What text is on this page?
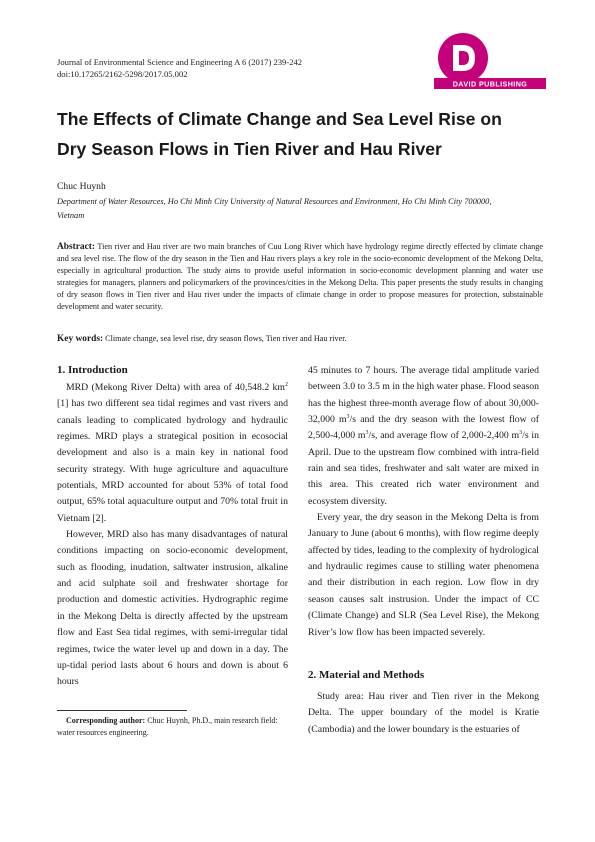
Journal of Environmental Science and Engineering A 6 (2017) 239-242
doi:10.17265/2162-5298/2017.05.002
DAVID PUBLISHING
The Effects of Climate Change and Sea Level Rise on
Dry Season Flows in Tien River and Hau River
Chuc Huynh
Department of Water Resources, Ho Chi Minh City University of Natural Resources and Environment, Ho Chi Minh City 700000,
Vietnam

Abstract: Tien river and Hau river are two main branches of Cuu Long River which have hydrology regime directly effected by climate change and sea level rise. The flow of the dry season in the Tien and Hau rivers plays a key role in the socio-economic development of the Mekong Delta, especially in agricultural production. The study aims to provide useful information in socio-economic development planning and water use strategies for managers, planners and policymarkers of the provinces/cities in the Mekong Delta. This paper presents the study results in changing of dry season flows in Tien river and Hau river under the impacts of climate change in order to propose measures for protection, substainable development and water security.

Key words: Climate change, sea level rise, dry season flows, Tien river and Hau river.

1. Introduction

MRD (Mekong River Delta) with area of 40,548.2 $km^2$ [1] has two different sea tidal regimes and vast rivers and canals leading to complicated hydrology and hydraulic regimes. MRD plays a strategical position in ecosocial development and also is a main key in national food security strategy. With huge agriculture and aquaculture potentials, MRD accounted for about 53% of total food output, 65% total aquaculture output and 70% total fruit in Vietnam [2].

However, MRD also has many disadvantages of natural conditions impacting on socio-economic development, such as flooding, inudation, saltwater instrusion, alkaline and acid sulphate soil and freshwater shortage for production and domestic activities. Hydrographic regime in the Mekong Delta is directly affected by the upstream flow and East Sea tidal regimes, with semi-irregular tidal regimes, twice the water level up and down in a day. The up-tidal period lasts about 6 hours and down is about 6 hours

Corresponding author: Chuc Huynh, Ph.D., main research field: water resources engineering.

45 minutes to 7 hours. The average tidal amplitude varied between 3.0 to 3.5 m in the high water phase. Flood season has the highest three-month average flow of about 30,000-32,000 $m^3/s$ and the dry season with the lowest flow of 2,500-4,000 $m^3/s$, and average flow of 2,000-2,400 $m^3/s$ in April. Due to the upstream flow combined with intra-field rain and sea tides, freshwater and salt water are mixed in this area. This created rich water environment and ecosystem diversity.

Every year, the dry season in the Mekong Delta is from January to June (about 6 months), with flow regime deeply affected by tides, leading to the complexity of hydrological and hydraulic regimes cause to stilling water phenomena and their distribution in each region. Low flow in dry season causes salt instrusion. Under the impact of CC (Climate Change) and SLR (Sea Level Rise), the Mekong River’s low flow has been impacted severely.

2. Material and Methods

Study area: Hau river and Tien river in the Mekong Delta. The upper boundary of the model is Kratie (Cambodia) and the lower boundary is the estuaries of
